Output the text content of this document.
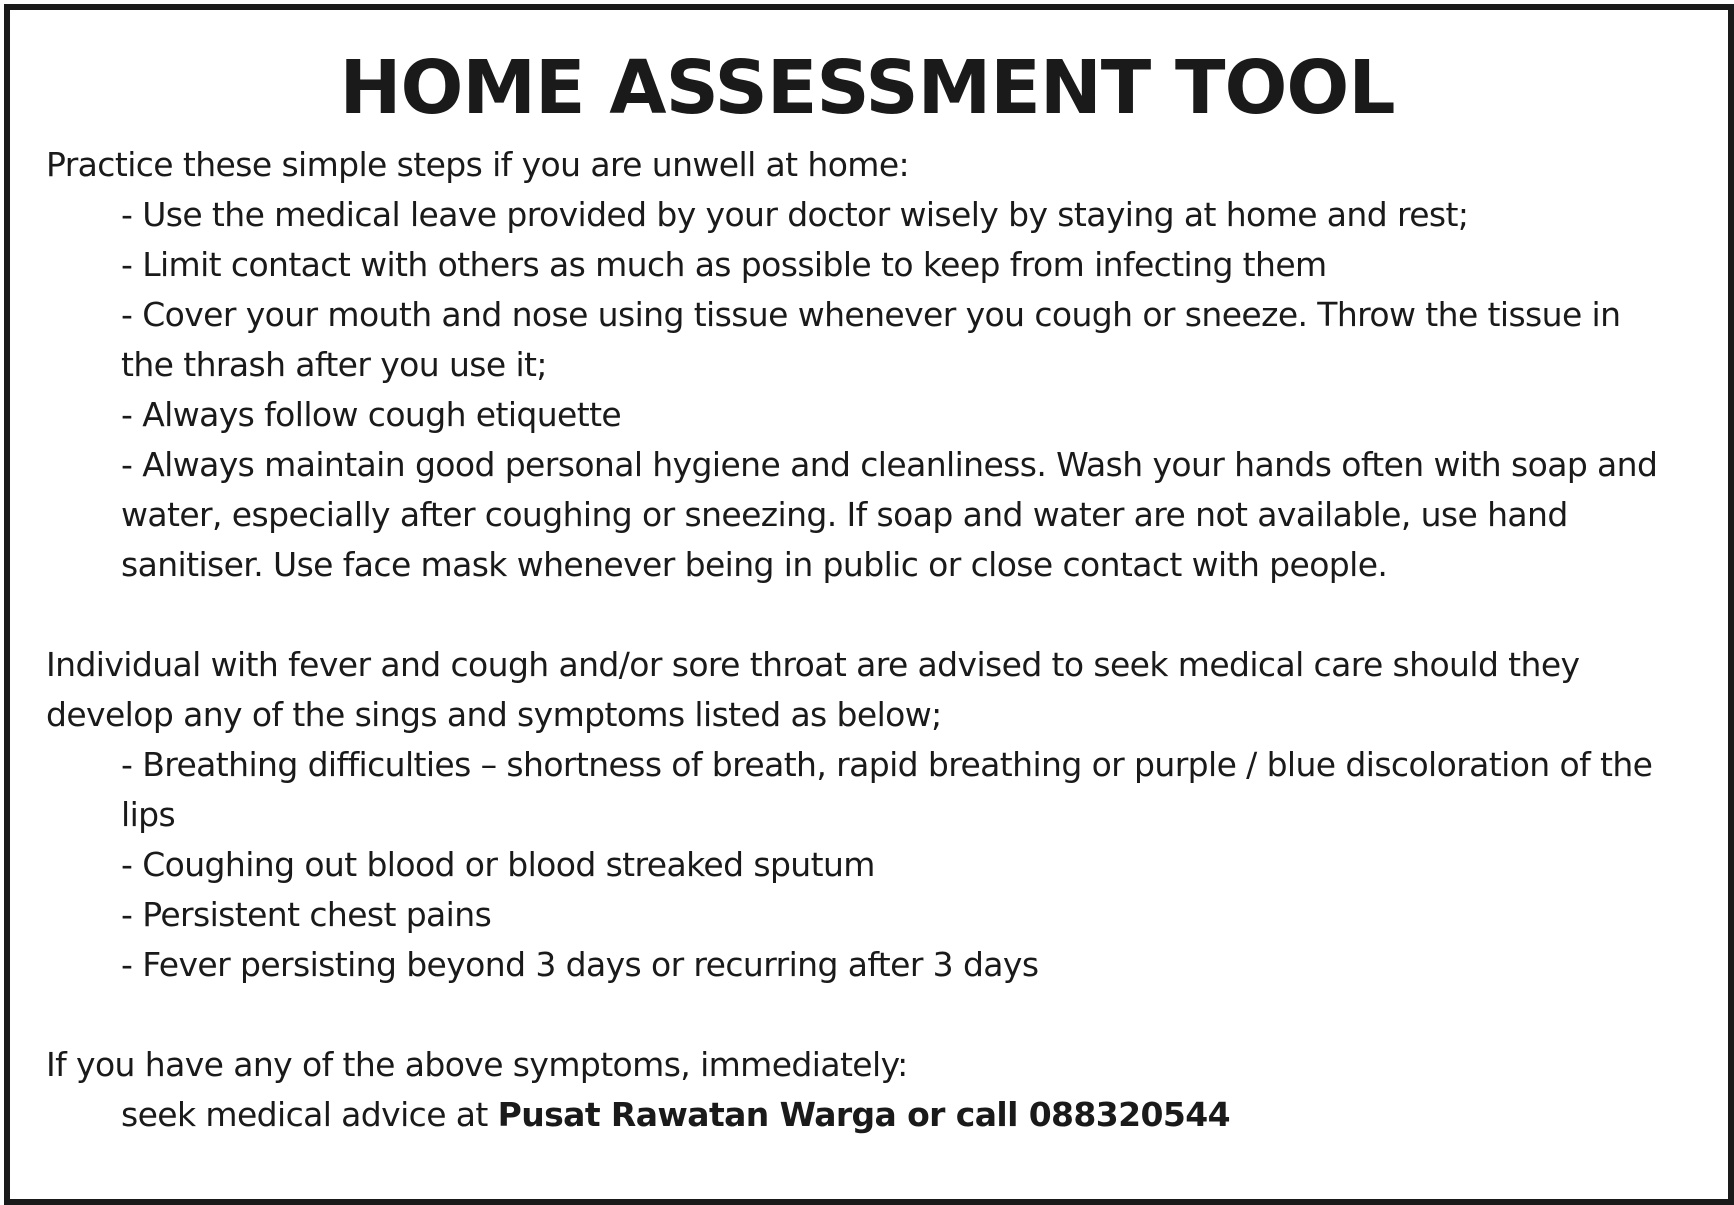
HOME ASSESSMENT TOOL

Practice these simple steps if you are unwell at home:

- Use the medical leave provided by your doctor wisely by staying at home and rest;

- Limit contact with others as much as possible to keep from infecting them

- Cover your mouth and nose using tissue whenever you cough or sneeze. Throw the tissue in the thrash after you use it;

- Always follow cough etiquette

- Always maintain good personal hygiene and cleanliness. Wash your hands often with soap and water, especially after coughing or sneezing. If soap and water are not available, use hand sanitiser. Use face mask whenever being in public or close contact with people.

Individual with fever and cough and/or sore throat are advised to seek medical care should they develop any of the sings and symptoms listed as below;

- Breathing difficulties – shortness of breath, rapid breathing or purple / blue discoloration of the lips

- Coughing out blood or blood streaked sputum

- Persistent chest pains

- Fever persisting beyond 3 days or recurring after 3 days

If you have any of the above symptoms, immediately:

seek medical advice at Pusat Rawatan Warga or call 088320544
